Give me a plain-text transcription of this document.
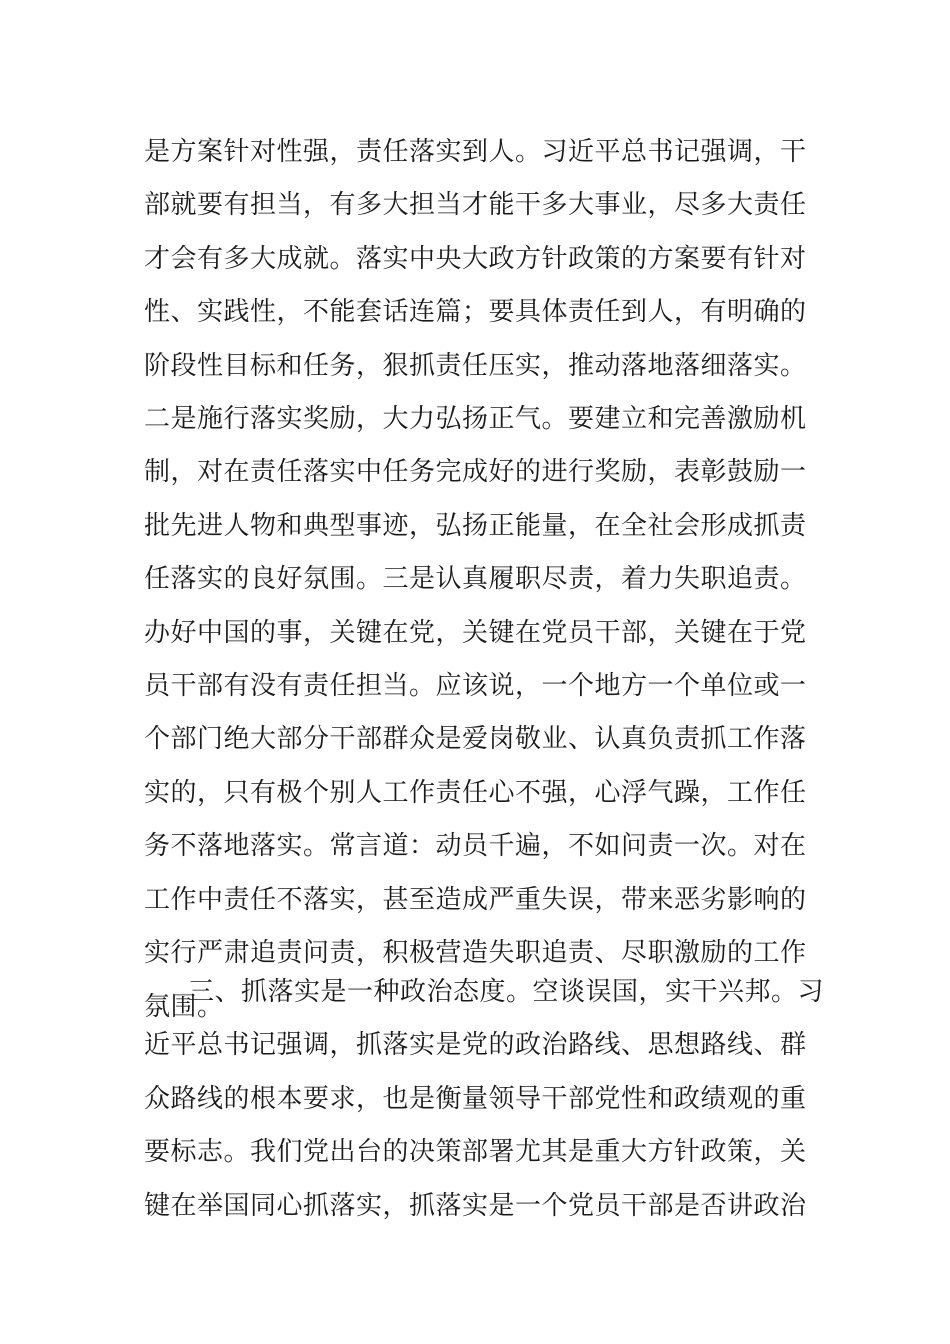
是方案针对性强，责任落实到人。习近平总书记强调，干
部就要有担当，有多大担当才能干多大事业，尽多大责任
才会有多大成就。落实中央大政方针政策的方案要有针对
性、实践性，不能套话连篇；要具体责任到人，有明确的
阶段性目标和任务，狠抓责任压实，推动落地落细落实。
二是施行落实奖励，大力弘扬正气。要建立和完善激励机
制，对在责任落实中任务完成好的进行奖励，表彰鼓励一
批先进人物和典型事迹，弘扬正能量，在全社会形成抓责
任落实的良好氛围。三是认真履职尽责，着力失职追责。
办好中国的事，关键在党，关键在党员干部，关键在于党
员干部有没有责任担当。应该说，一个地方一个单位或一
个部门绝大部分干部群众是爱岗敬业、认真负责抓工作落
实的，只有极个别人工作责任心不强，心浮气躁，工作任
务不落地落实。常言道：动员千遍，不如问责一次。对在
工作中责任不落实，甚至造成严重失误，带来恶劣影响的
实行严肃追责问责，积极营造失职追责、尽职激励的工作
氛围。
三、抓落实是一种政治态度。空谈误国，实干兴邦。习
近平总书记强调，抓落实是党的政治路线、思想路线、群
众路线的根本要求，也是衡量领导干部党性和政绩观的重
要标志。我们党出台的决策部署尤其是重大方针政策，关
键在举国同心抓落实，抓落实是一个党员干部是否讲政治
